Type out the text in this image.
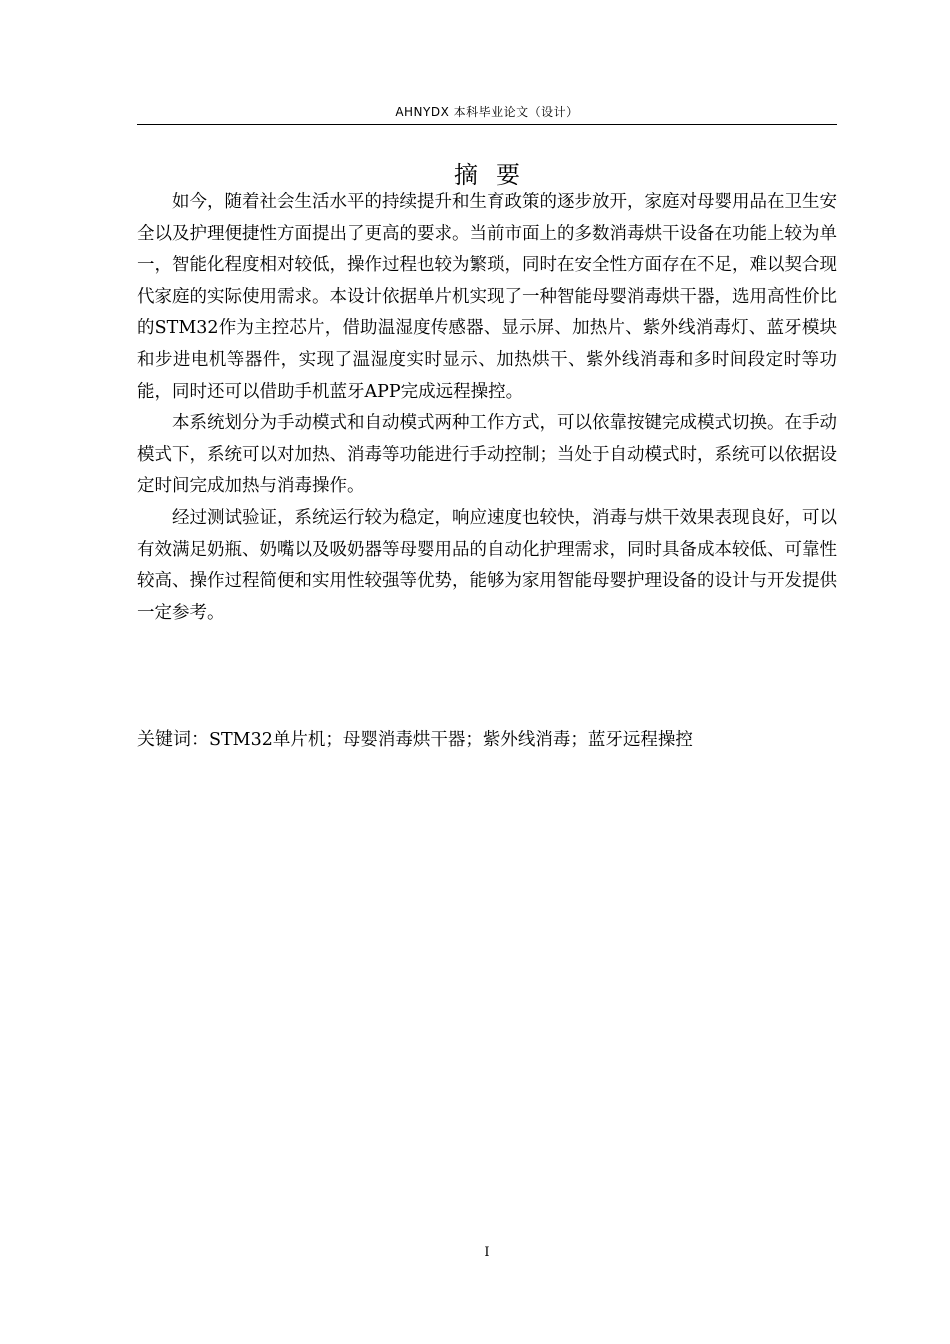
AHNYDX 本科毕业论文（设计）
摘要

如今，随着社会生活水平的持续提升和生育政策的逐步放开，家庭对母婴用品在卫生安全以及护理便捷性方面提出了更高的要求。当前市面上的多数消毒烘干设备在功能上较为单一，智能化程度相对较低，操作过程也较为繁琐，同时在安全性方面存在不足，难以契合现代家庭的实际使用需求。本设计依据单片机实现了一种智能母婴消毒烘干器，选用高性价比的STM32作为主控芯片，借助温湿度传感器、显示屏、加热片、紫外线消毒灯、蓝牙模块和步进电机等器件，实现了温湿度实时显示、加热烘干、紫外线消毒和多时间段定时等功能，同时还可以借助手机蓝牙APP完成远程操控。

本系统划分为手动模式和自动模式两种工作方式，可以依靠按键完成模式切换。在手动模式下，系统可以对加热、消毒等功能进行手动控制；当处于自动模式时，系统可以依据设定时间完成加热与消毒操作。

经过测试验证，系统运行较为稳定，响应速度也较快，消毒与烘干效果表现良好，可以有效满足奶瓶、奶嘴以及吸奶器等母婴用品的自动化护理需求，同时具备成本较低、可靠性较高、操作过程简便和实用性较强等优势，能够为家用智能母婴护理设备的设计与开发提供一定参考。

关键词：STM32单片机；母婴消毒烘干器；紫外线消毒；蓝牙远程操控
I
